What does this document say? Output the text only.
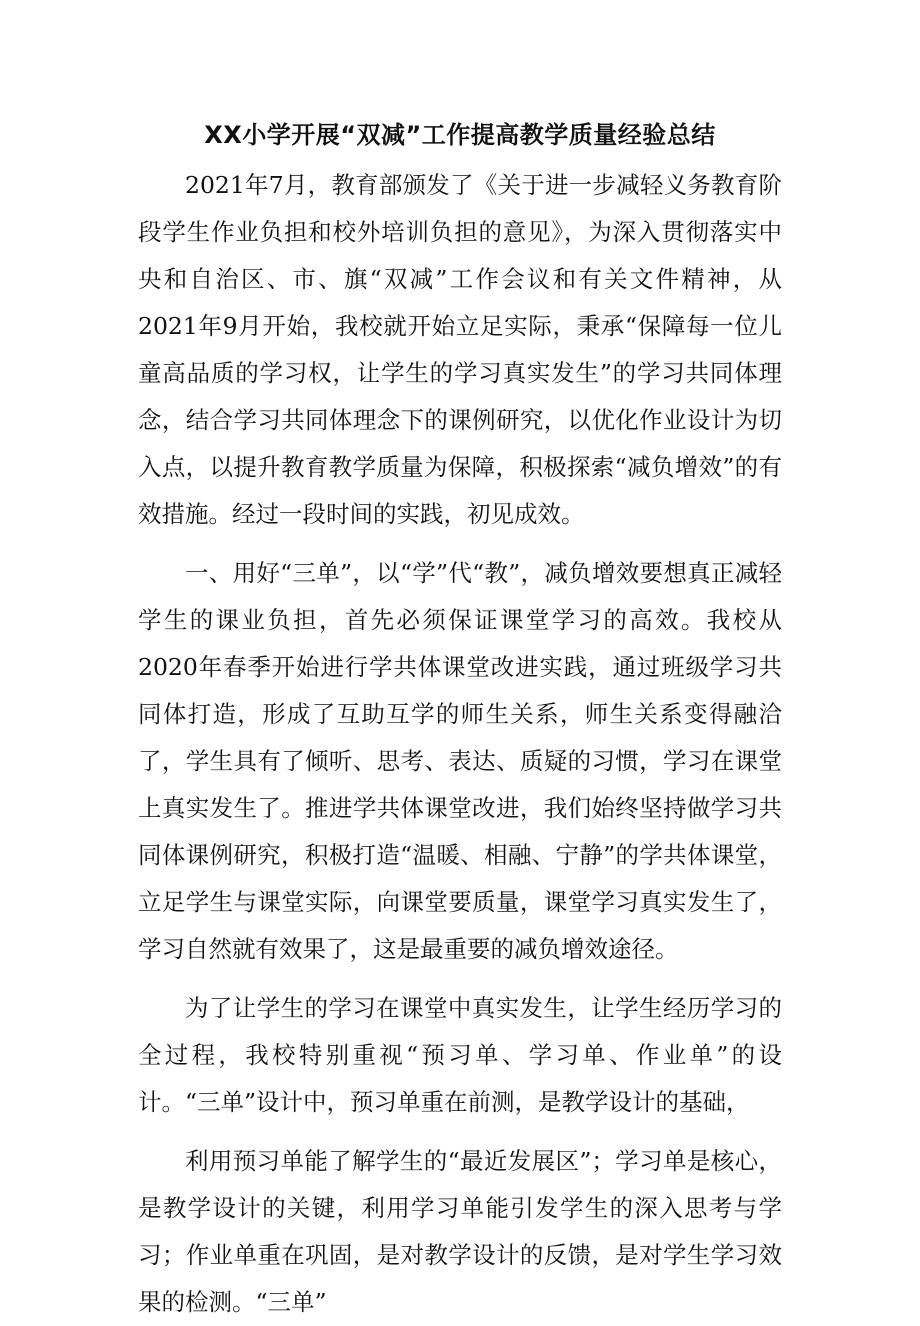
XX小学开展“双减”工作提高教学质量经验总结

2021年7月，教育部颁发了《关于进一步减轻义务教育阶段学生作业负担和校外培训负担的意见》，为深入贯彻落实中央和自治区、市、旗“双减”工作会议和有关文件精神，从2021年9月开始，我校就开始立足实际，秉承“保障每一位儿童高品质的学习权，让学生的学习真实发生”的学习共同体理念，结合学习共同体理念下的课例研究，以优化作业设计为切入点，以提升教育教学质量为保障，积极探索“减负增效”的有效措施。经过一段时间的实践，初见成效。

一、用好“三单”，以“学”代“教”，减负增效要想真正减轻学生的课业负担，首先必须保证课堂学习的高效。我校从2020年春季开始进行学共体课堂改进实践，通过班级学习共同体打造，形成了互助互学的师生关系，师生关系变得融洽了，学生具有了倾听、思考、表达、质疑的习惯，学习在课堂上真实发生了。推进学共体课堂改进，我们始终坚持做学习共同体课例研究，积极打造“温暖、相融、宁静”的学共体课堂，立足学生与课堂实际，向课堂要质量，课堂学习真实发生了，学习自然就有效果了，这是最重要的减负增效途径。

为了让学生的学习在课堂中真实发生，让学生经历学习的全过程，我校特别重视“预习单、学习单、作业单”的设计。“三单”设计中，预习单重在前测，是教学设计的基础，

利用预习单能了解学生的“最近发展区”；学习单是核心，是教学设计的关键，利用学习单能引发学生的深入思考与学习；作业单重在巩固，是对教学设计的反馈，是对学生学习效果的检测。“三单”
